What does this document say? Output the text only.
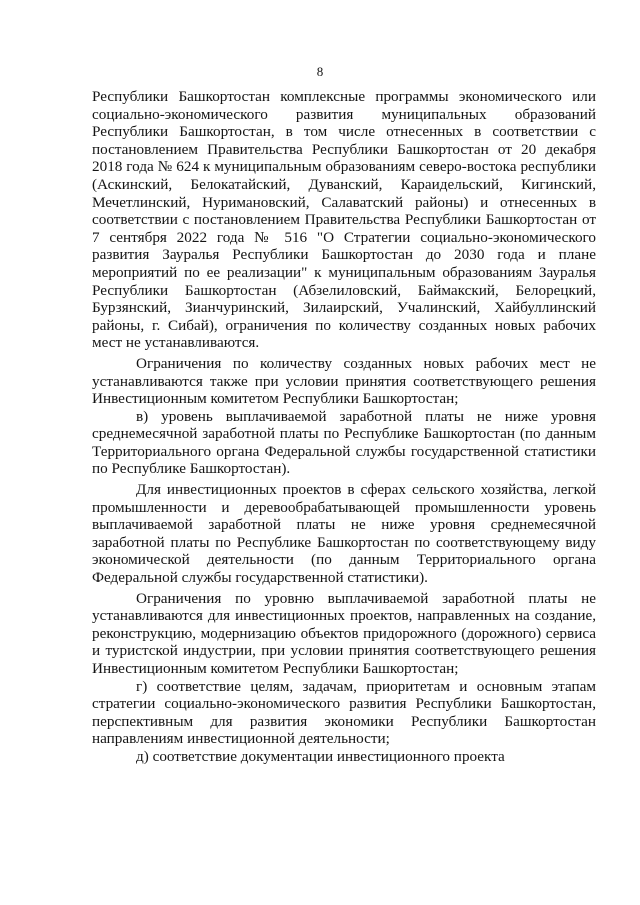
8

Республики Башкортостан комплексные программы экономического или социально-экономического развития муниципальных образований Республики Башкортостан, в том числе отнесенных в соответствии с постановлением Правительства Республики Башкортостан от 20 декабря 2018 года № 624 к муниципальным образованиям северо-востока республики (Аскинский, Белокатайский, Дуванский, Караидельский, Кигинский, Мечетлинский, Нуримановский, Салаватский районы) и отнесенных в соответствии с постановлением Правительства Республики Башкортостан от 7 сентября 2022 года № 516 "О Стратегии социально-экономического развития Зауралья Республики Башкортостан до 2030 года и плане мероприятий по ее реализации" к муниципальным образованиям Зауралья Республики Башкортостан (Абзелиловский, Баймакский, Белорецкий, Бурзянский, Зианчуринский, Зилаирский, Учалинский, Хайбуллинский районы, г. Сибай), ограничения по количеству созданных новых рабочих мест не устанавливаются.

Ограничения по количеству созданных новых рабочих мест не устанавливаются также при условии принятия соответствующего решения Инвестиционным комитетом Республики Башкортостан;

в) уровень выплачиваемой заработной платы не ниже уровня среднемесячной заработной платы по Республике Башкортостан (по данным Территориального органа Федеральной службы государственной статистики по Республике Башкортостан).

Для инвестиционных проектов в сферах сельского хозяйства, легкой промышленности и деревообрабатывающей промышленности уровень выплачиваемой заработной платы не ниже уровня среднемесячной заработной платы по Республике Башкортостан по соответствующему виду экономической деятельности (по данным Территориального органа Федеральной службы государственной статистики).

Ограничения по уровню выплачиваемой заработной платы не устанавливаются для инвестиционных проектов, направленных на создание, реконструкцию, модернизацию объектов придорожного (дорожного) сервиса и туристской индустрии, при условии принятия соответствующего решения Инвестиционным комитетом Республики Башкортостан;

г) соответствие целям, задачам, приоритетам и основным этапам стратегии социально-экономического развития Республики Башкортостан, перспективным для развития экономики Республики Башкортостан направлениям инвестиционной деятельности;

д) соответствие документации инвестиционного проекта
